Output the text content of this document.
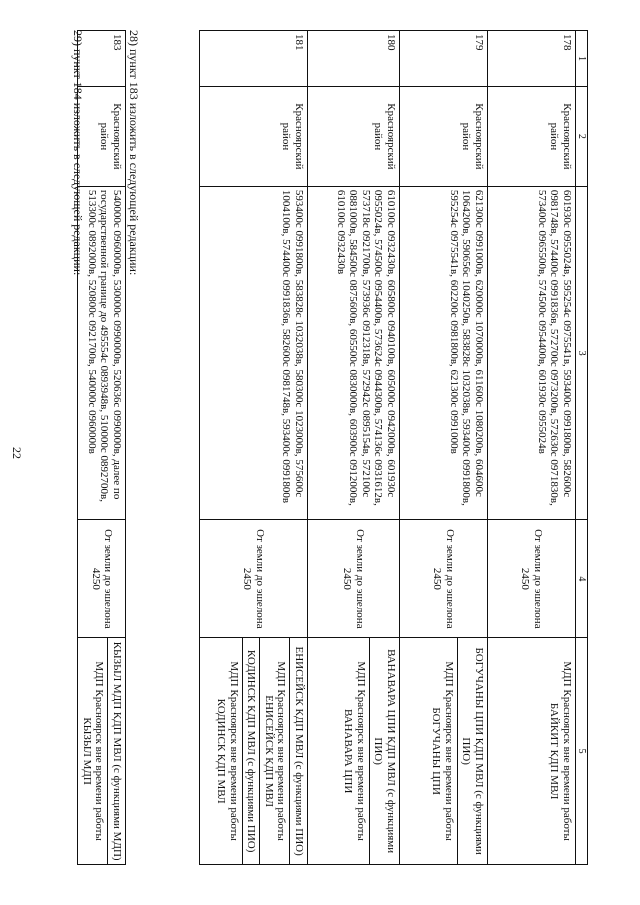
22
1	2	3	4	5
178	Красноярский район	601930с 0955024в, 595254с 0975541в, 593400с 0991800в, 582600с 0981748в, 574400с 0991836в, 572700с 0973200в, 572630с 0971830в, 573400с 0965500в, 574500с 0954400в, 601930с 0955024в	От земли до эшелона 2450	МДП Красноярск вне времени работы БАЙКИТ КДП МВЛ

179	Красноярский район	621300с 0991000в, 620000с 1070000в, 611600с 1080200в, 604600с 1064200в, 590656с 1040250в, 583828с 1032038в, 593400с 0991800в, 595254с 0975541в, 602200с 0981800в, 621300с 0991000в	От земли до эшелона 2450	БОГУЧАНЫ ЦПИ КДП МВЛ (с функциями ПИО)
МДП Красноярск вне времени работы БОГУЧАНЫ ЦПИ

180	Красноярский район	610100с 0932430в, 605800с 0940100в, 605000с 0942000в, 601930с 0955024в, 574500с 0954400в, 573624с 0944300в, 574136с 0931612в, 573718с 0921700в, 573936с 0912318в, 572942с 0895154в, 572100с 0881000в, 584500с 0875600в, 605500с 0830000в, 603900с 0912000в, 610100с 0932430в	От земли до эшелона 2450	ВАНАВАРА ЦПИ КДП МВЛ (с функциями ПИО)
МДП Красноярск вне времени работы ВАНАВАРА ЦПИ

181	Красноярский район	593400с 0991800в, 583828с 1032038в, 580300с 1023000в, 575600с 1004100в, 574400с 0991836в, 582600с 0981748в, 593400с 0991800в	От земли до эшелона 2450	ЕНИСЕЙСК КДП МВЛ (с функциями ПИО)
МДП Красноярск вне времени работы ЕНИСЕЙСК КДП МВЛ
КОДИНСК КДП МВЛ (с функциями ПИО)
МДП Красноярск вне времени работы КОДИНСК КДП МВЛ
28) пункт 183 изложить в следующей редакции:
183	Красноярский район	540000с 0960000в, 530000с 0990000в, 520636с 0990000в, далее по государственной границе до 495554с 0893948в, 510000с 0892700в, 513300с 0892000в, 520800с 0921700в, 540000с 0960000в	От земли до эшелона 4250	
КЫЗЫЛ МДП КДП МВЛ (с функциями МДП)
МДП Красноярск вне времени работы КЫЗЫЛ МДП
29) пункт 184 изложить в следующей редакции:
